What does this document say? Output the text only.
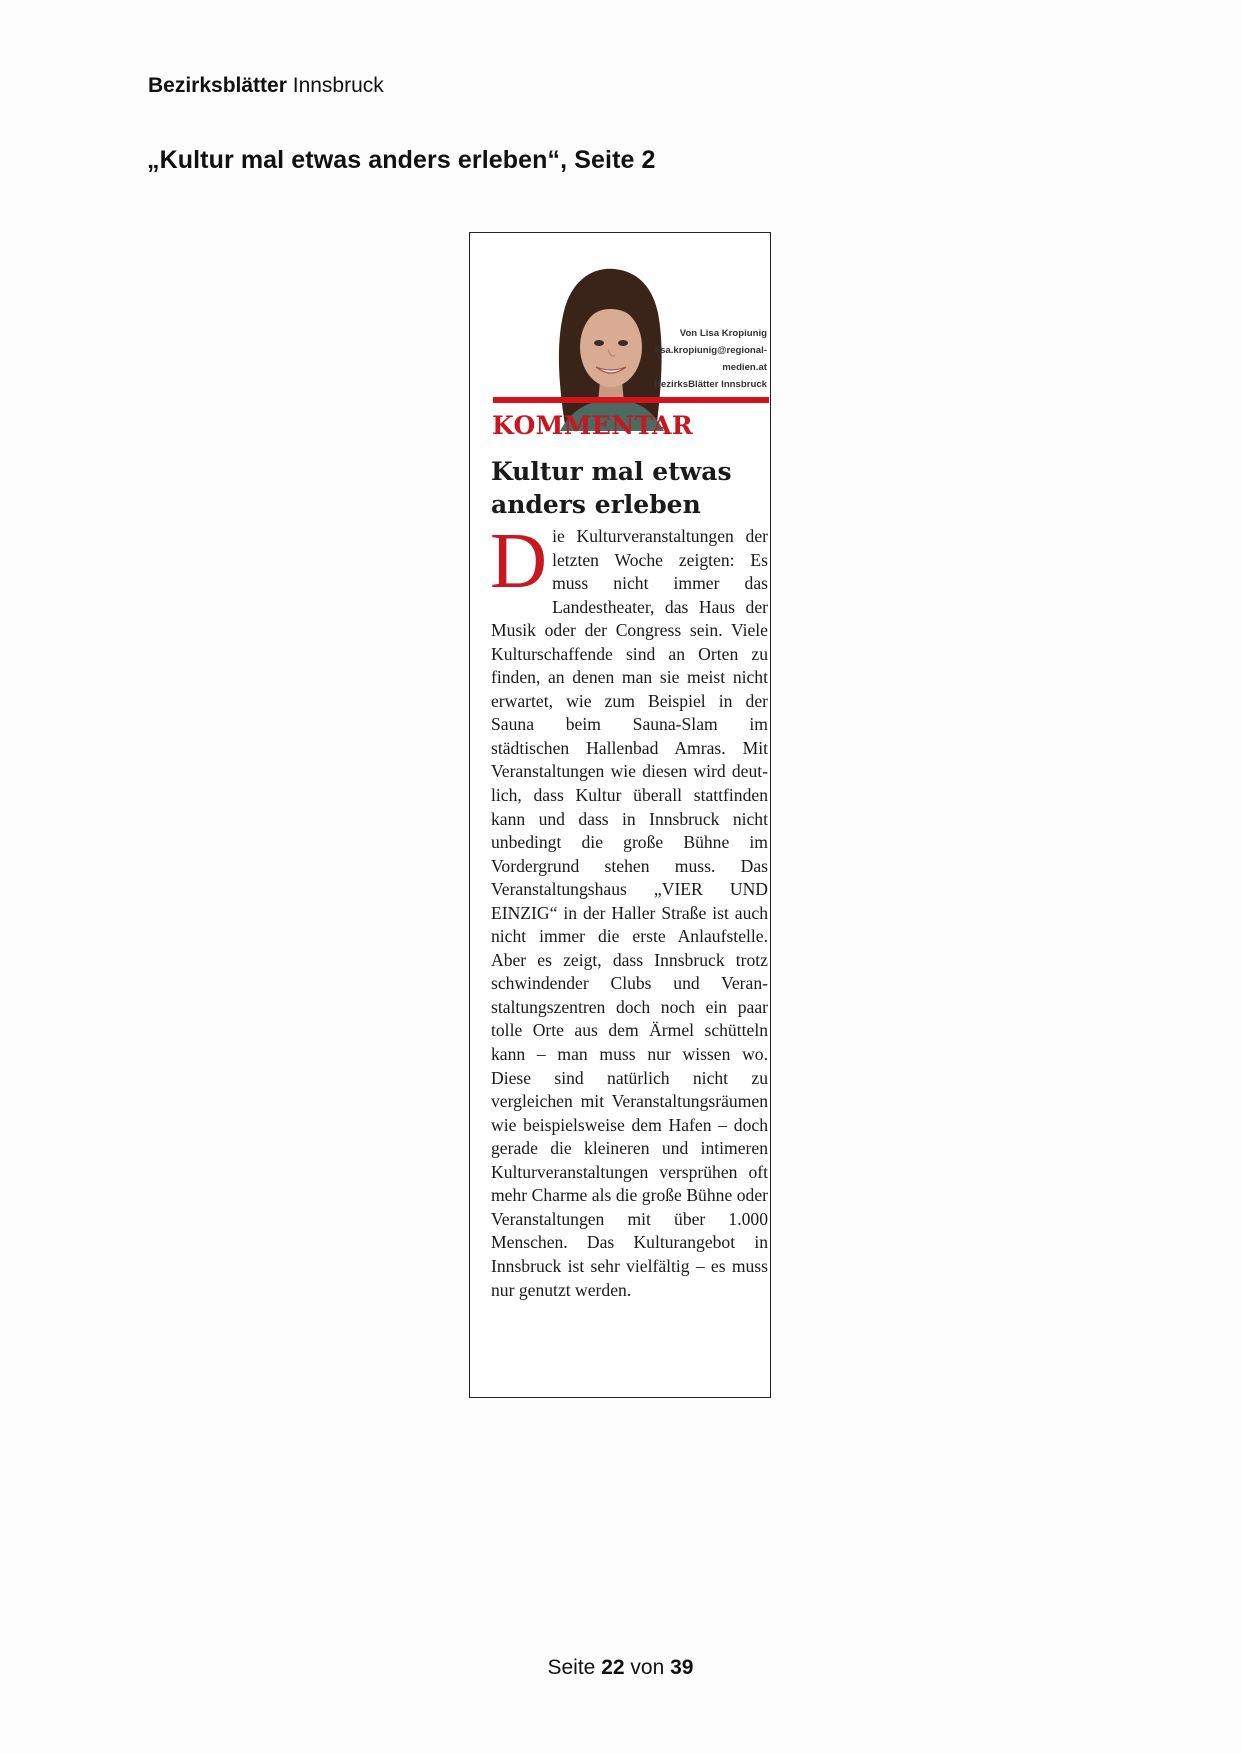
Bezirksblätter Innsbruck
„Kultur mal etwas anders erleben“, Seite 2
Von Lisa Kropiunig
lisa.kropiunig@regional-
medien.at
BezirksBlätter Innsbruck
KOMMENTAR
Kultur mal etwas anders erleben

Die Kulturveranstaltungen der letzten Woche zeigten: Es muss nicht immer das Landestheater, das Haus der Musik oder der Congress sein. Viele Kulturschaffende sind an Orten zu finden, an denen man sie meist nicht erwartet, wie zum Beispiel in der Sauna beim Sauna-Slam im städtischen Hallenbad Amras. Mit Veranstaltungen wie diesen wird deutlich, dass Kultur überall stattfinden kann und dass in Innsbruck nicht unbedingt die große Bühne im Vordergrund stehen muss. Das Veranstaltungshaus „VIER UND EINZIG“ in der Haller Straße ist auch nicht immer die erste Anlaufstelle. Aber es zeigt, dass Innsbruck trotz schwindender Clubs und Veranstaltungszentren doch noch ein paar tolle Orte aus dem Ärmel schütteln kann – man muss nur wissen wo. Diese sind natürlich nicht zu vergleichen mit Veranstaltungsräumen wie beispielsweise dem Hafen – doch gerade die kleineren und intimeren Kulturveranstaltungen versprühen oft mehr Charme als die große Bühne oder Veranstaltungen mit über 1.000 Menschen. Das Kulturangebot in Innsbruck ist sehr vielfältig – es muss nur genutzt werden.

Seite 22 von 39
